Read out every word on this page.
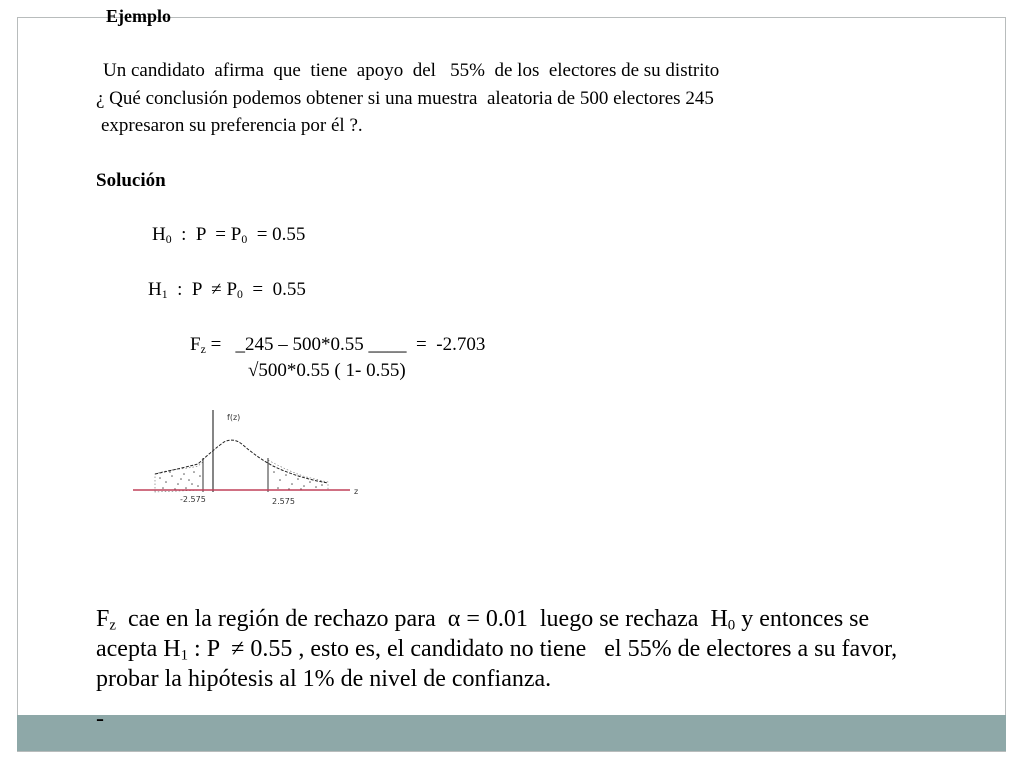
Ejemplo
Un candidato  afirma  que  tiene  apoyo  del   55%  de los  electores de su distrito
¿ Qué conclusión podemos obtener si una muestra  aleatoria de 500 electores 245
expresaron su preferencia por él ?.
Solución
$H_0$  :  $P = P_0 = 0.55$
$H_1$  :  $P \ne P_0 = 0.55$
$F_z$ =   _245 – 500*0.55 ____ =  -2.703
√500*0.55 ( 1- 0.55)
f(z)
z
-2.575	2.575
$F_z$  cae en la región de rechazo para  α = 0.01  luego se rechaza  $H_0$ y entonces se
acepta $H_1$ : P  ≠ 0.55 , esto es, el candidato no tiene   el 55% de electores a su favor,
probar la hipótesis al 1% de nivel de confianza.
-
